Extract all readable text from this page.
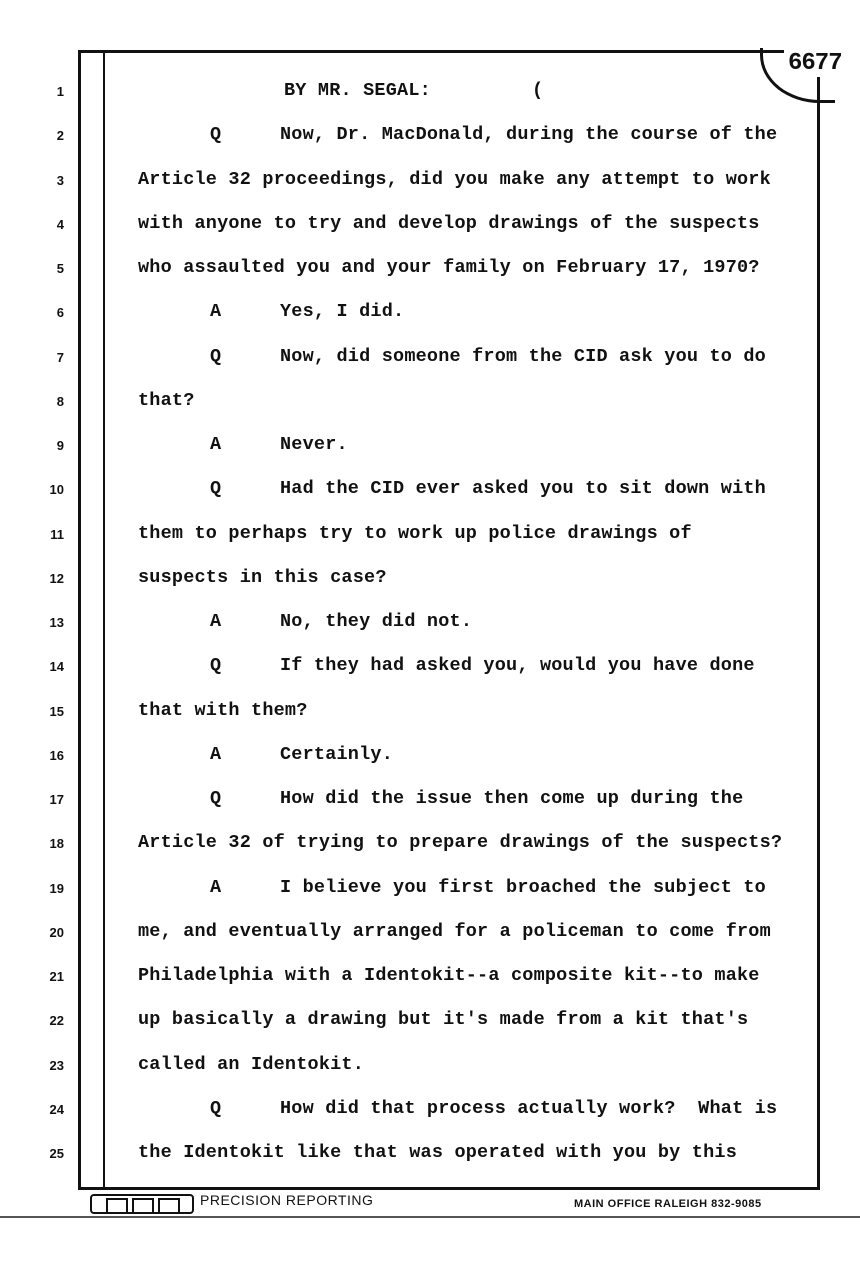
6677
1	BY MR. SEGAL:	(
2	Q	Now, Dr. MacDonald, during the course of the
3	Article 32 proceedings, did you make any attempt to work
4	with anyone to try and develop drawings of the suspects
5	who assaulted you and your family on February 17, 1970?
6	A	Yes, I did.
7	Q	Now, did someone from the CID ask you to do
8	that?
9	A	Never.
10	Q	Had the CID ever asked you to sit down with
11	them to perhaps try to work up police drawings of
12	suspects in this case?
13	A	No, they did not.
14	Q	If they had asked you, would you have done
15	that with them?
16	A	Certainly.
17	Q	How did the issue then come up during the
18	Article 32 of trying to prepare drawings of the suspects?
19	A	I believe you first broached the subject to
20	me, and eventually arranged for a policeman to come from
21	Philadelphia with a Identokit--a composite kit--to make
22	up basically a drawing but it's made from a kit that's
23	called an Identokit.
24	Q	How did that process actually work?  What is
25	the Identokit like that was operated with you by this
PRECISION REPORTING	MAIN OFFICE RALEIGH 832-9085
